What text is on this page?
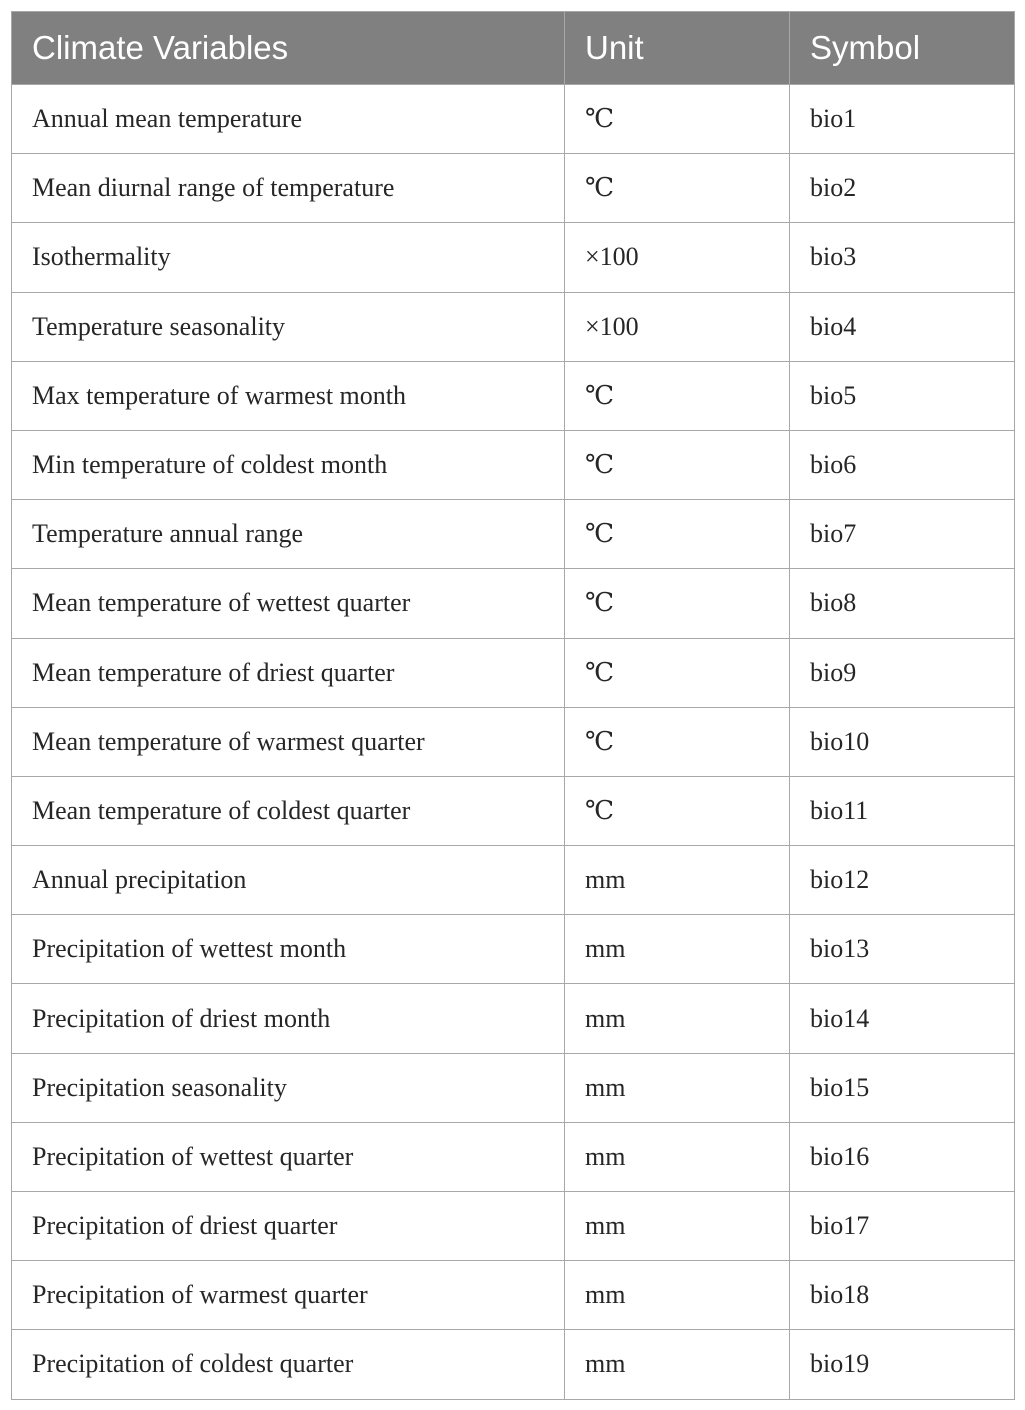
Climate Variables	Unit	Symbol
Annual mean temperature	℃	bio1
Mean diurnal range of temperature	℃	bio2
Isothermality	×100	bio3
Temperature seasonality	×100	bio4
Max temperature of warmest month	℃	bio5
Min temperature of coldest month	℃	bio6
Temperature annual range	℃	bio7
Mean temperature of wettest quarter	℃	bio8
Mean temperature of driest quarter	℃	bio9
Mean temperature of warmest quarter	℃	bio10
Mean temperature of coldest quarter	℃	bio11
Annual precipitation	mm	bio12
Precipitation of wettest month	mm	bio13
Precipitation of driest month	mm	bio14
Precipitation seasonality	mm	bio15
Precipitation of wettest quarter	mm	bio16
Precipitation of driest quarter	mm	bio17
Precipitation of warmest quarter	mm	bio18
Precipitation of coldest quarter	mm	bio19
